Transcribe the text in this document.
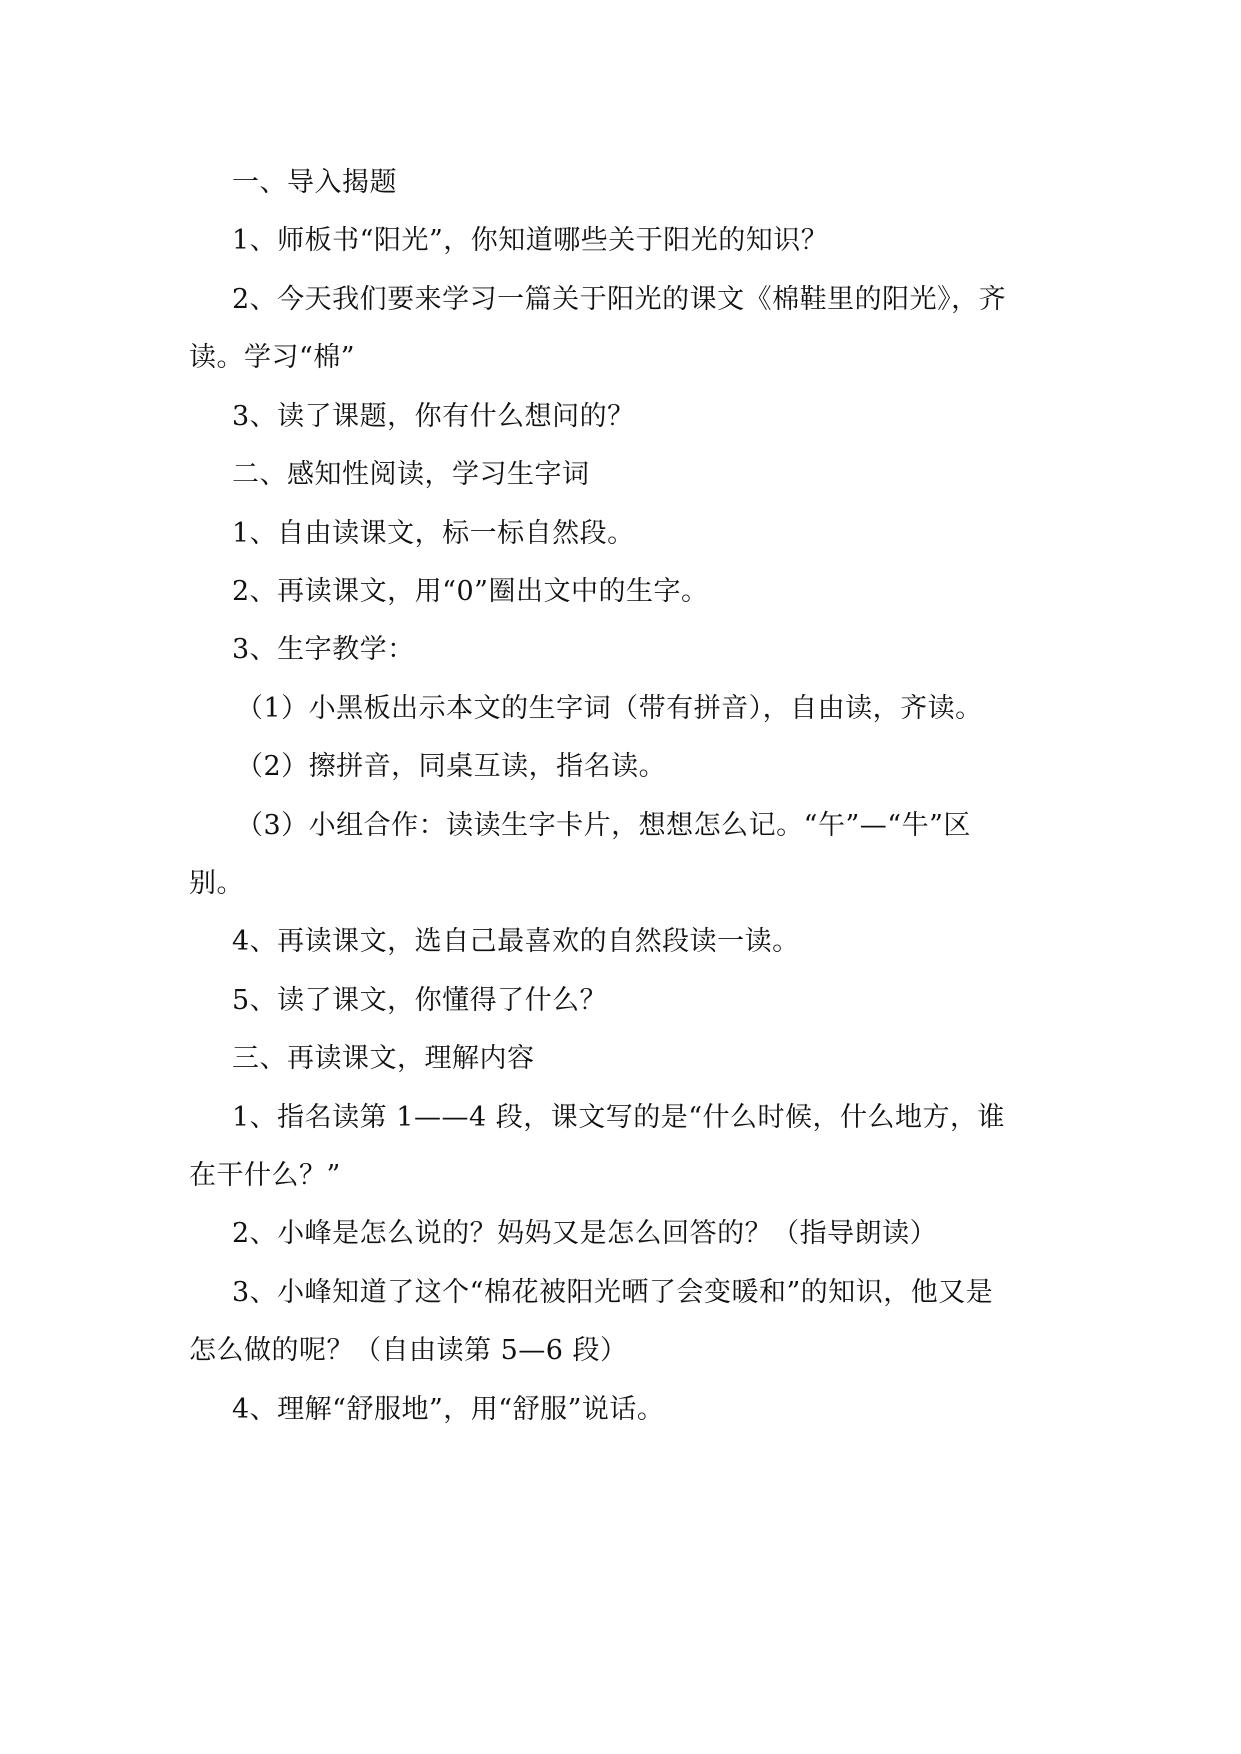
一、导入揭题
1、师板书“阳光”，你知道哪些关于阳光的知识？
2、今天我们要来学习一篇关于阳光的课文《棉鞋里的阳光》，齐
读。学习“棉”
3、读了课题，你有什么想问的？
二、感知性阅读，学习生字词
1、自由读课文，标一标自然段。
2、再读课文，用“0”圈出文中的生字。
3、生字教学：
（1）小黑板出示本文的生字词（带有拼音），自由读，齐读。
（2）擦拼音，同桌互读，指名读。
（3）小组合作：读读生字卡片，想想怎么记。“午”—“牛”区
别。
4、再读课文，选自己最喜欢的自然段读一读。
5、读了课文，你懂得了什么？
三、再读课文，理解内容
1、指名读第 1——4 段，课文写的是“什么时候，什么地方，谁
在干什么？”
2、小峰是怎么说的？妈妈又是怎么回答的？（指导朗读）
3、小峰知道了这个“棉花被阳光晒了会变暖和”的知识，他又是
怎么做的呢？（自由读第 5—6 段）
4、理解“舒服地”，用“舒服”说话。
